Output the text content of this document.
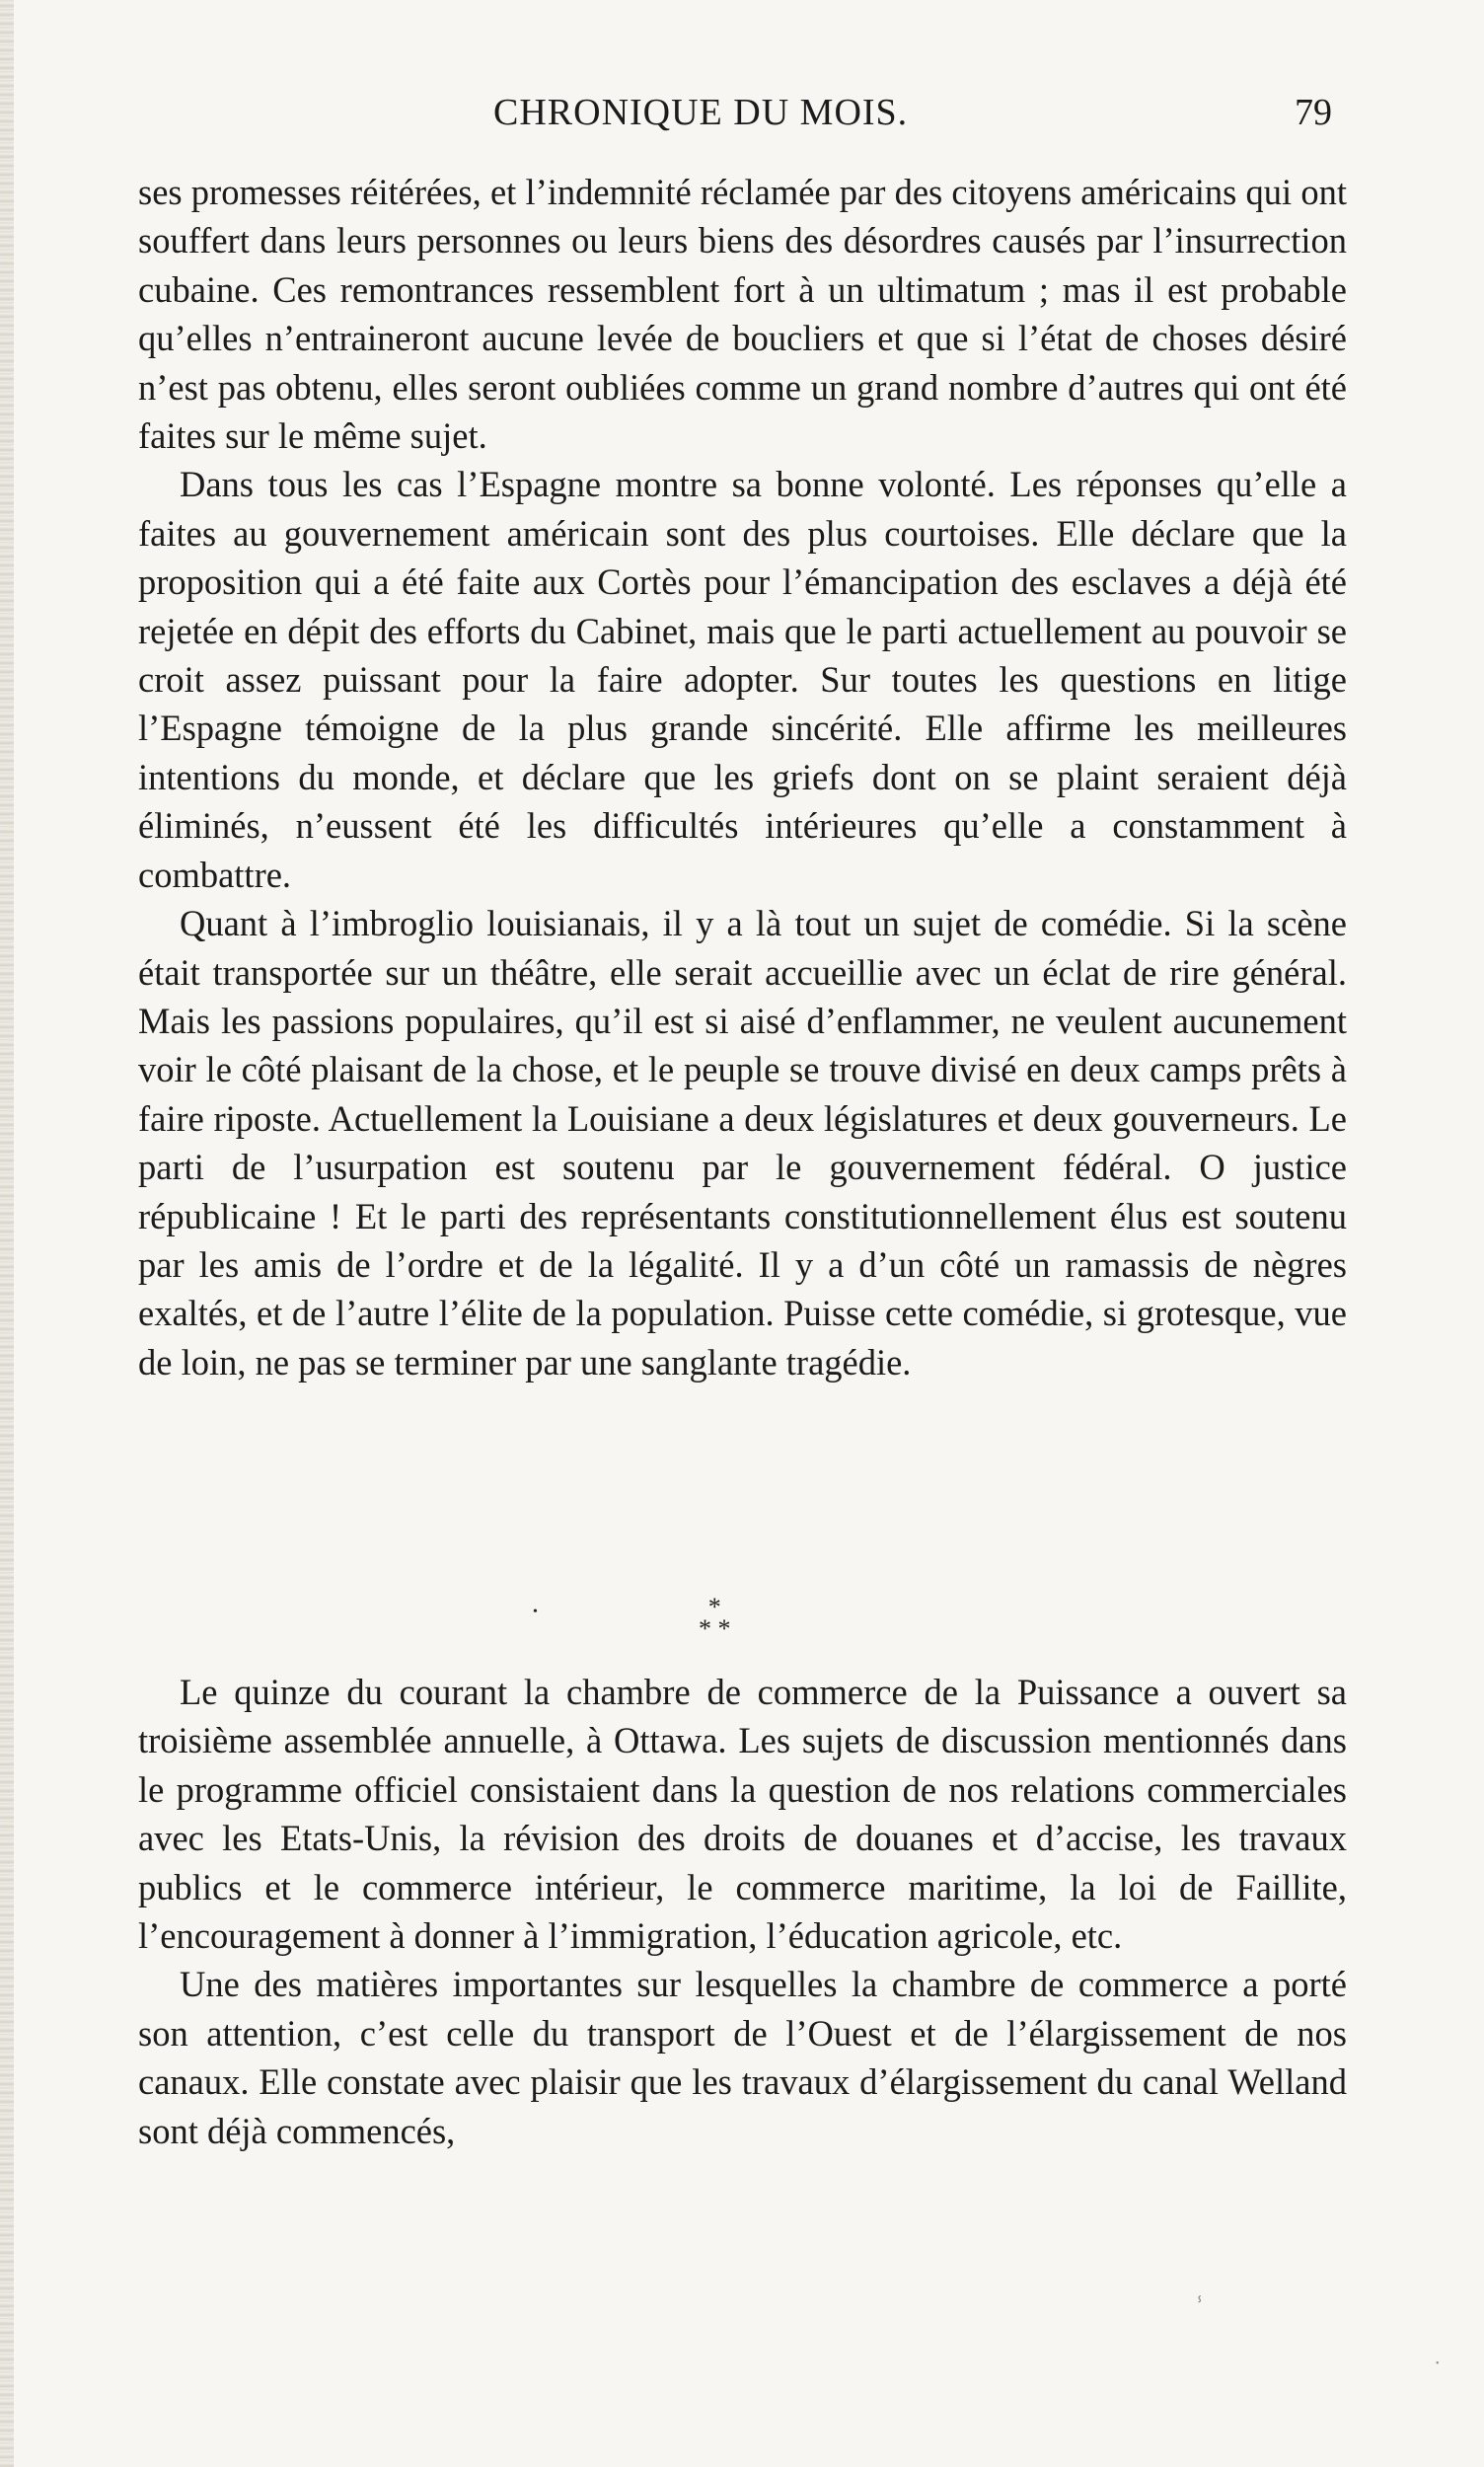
CHRONIQUE DU MOIS.	79

ses promesses réitérées, et l’indemnité réclamée par des citoyens américains qui ont souffert dans leurs personnes ou leurs biens des désordres causés par l’insurrection cubaine. Ces remontrances ressemblent fort à un ultimatum ; mas il est probable qu’elles n’entraineront aucune levée de boucliers et que si l’état de choses désiré n’est pas obtenu, elles seront oubliées comme un grand nombre d’autres qui ont été faites sur le même sujet.

Dans tous les cas l’Espagne montre sa bonne volonté. Les réponses qu’elle a faites au gouvernement américain sont des plus courtoises. Elle déclare que la proposition qui a été faite aux Cortès pour l’émancipation des esclaves a déjà été rejetée en dépit des efforts du Cabinet, mais que le parti actuellement au pouvoir se croit assez puissant pour la faire adopter. Sur toutes les questions en litige l’Espagne témoigne de la plus grande sincérité. Elle affirme les meilleures intentions du monde, et déclare que les griefs dont on se plaint seraient déjà éliminés, n’eussent été les difficultés intérieures qu’elle a constamment à combattre.

Quant à l’imbroglio louisianais, il y a là tout un sujet de comédie. Si la scène était transportée sur un théâtre, elle serait accueillie avec un éclat de rire général. Mais les passions populaires, qu’il est si aisé d’enflammer, ne veulent aucunement voir le côté plaisant de la chose, et le peuple se trouve divisé en deux camps prêts à faire riposte. Actuellement la Louisiane a deux législatures et deux gouverneurs. Le parti de l’usurpation est soutenu par le gouvernement fédéral. O justice républicaine ! Et le parti des représentants constitutionnellement élus est soutenu par les amis de l’ordre et de la légalité. Il y a d’un côté un ramassis de nègres exaltés, et de l’autre l’élite de la population. Puisse cette comédie, si grotesque, vue de loin, ne pas se terminer par une sanglante tragédie.

•	*
* *

Le quinze du courant la chambre de commerce de la Puissance a ouvert sa troisième assemblée annuelle, à Ottawa. Les sujets de discussion mentionnés dans le programme officiel consistaient dans la question de nos relations commerciales avec les Etats-Unis, la révision des droits de douanes et d’accise, les travaux publics et le commerce intérieur, le commerce maritime, la loi de Faillite, l’encouragement à donner à l’immigration, l’éducation agricole, etc.

Une des matières importantes sur lesquelles la chambre de commerce a porté son attention, c’est celle du transport de l’Ouest et de l’élargissement de nos canaux. Elle constate avec plaisir que les travaux d’élargissement du canal Welland sont déjà commencés,

ⸯ
•
